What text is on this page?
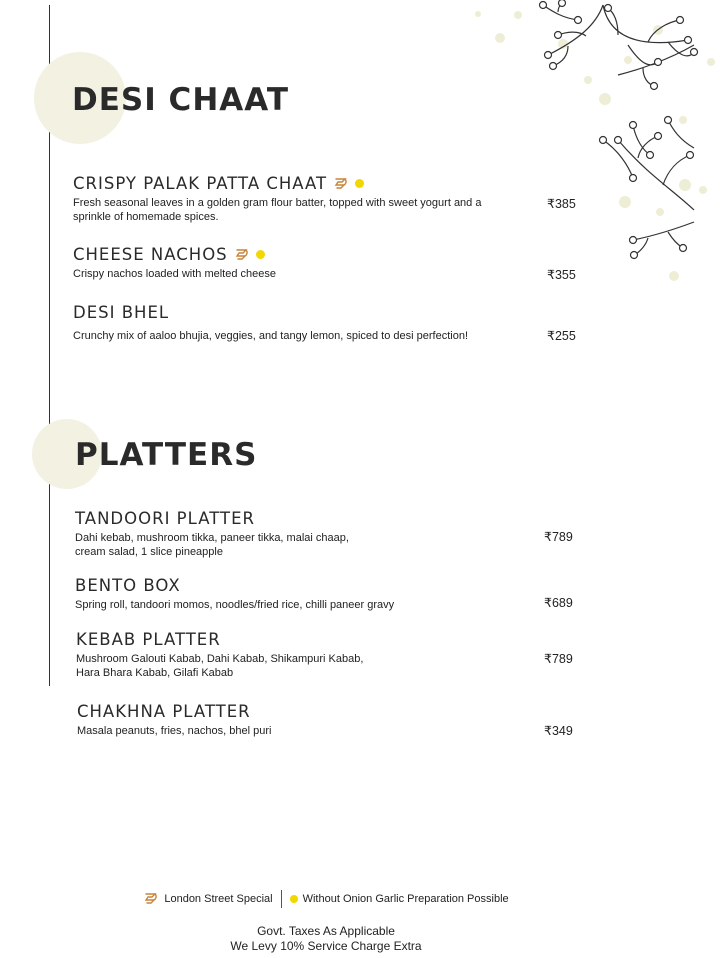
DESI CHAAT
CRISPY PALAK PATTA CHAAT
Fresh seasonal leaves in a golden gram flour batter, topped with sweet yogurt and a sprinkle of homemade spices.
₹385
CHEESE NACHOS
Crispy nachos loaded with melted cheese	₹355
DESI BHEL
Crunchy mix of aaloo bhujia, veggies, and tangy lemon, spiced to desi perfection!	₹255
PLATTERS
TANDOORI PLATTER
Dahi kebab, mushroom tikka, paneer tikka, malai chaap, cream salad, 1 slice pineapple
₹789
BENTO BOX
Spring roll, tandoori momos, noodles/fried rice, chilli paneer gravy	₹689
KEBAB PLATTER
Mushroom Galouti Kabab, Dahi Kabab, Shikampuri Kabab, Hara Bhara Kabab, Gilafi Kabab
₹789
CHAKHNA PLATTER
Masala peanuts, fries, nachos, bhel puri	₹349
London Street Special	Without Onion Garlic Preparation Possible
Govt. Taxes As Applicable
We Levy 10% Service Charge Extra
